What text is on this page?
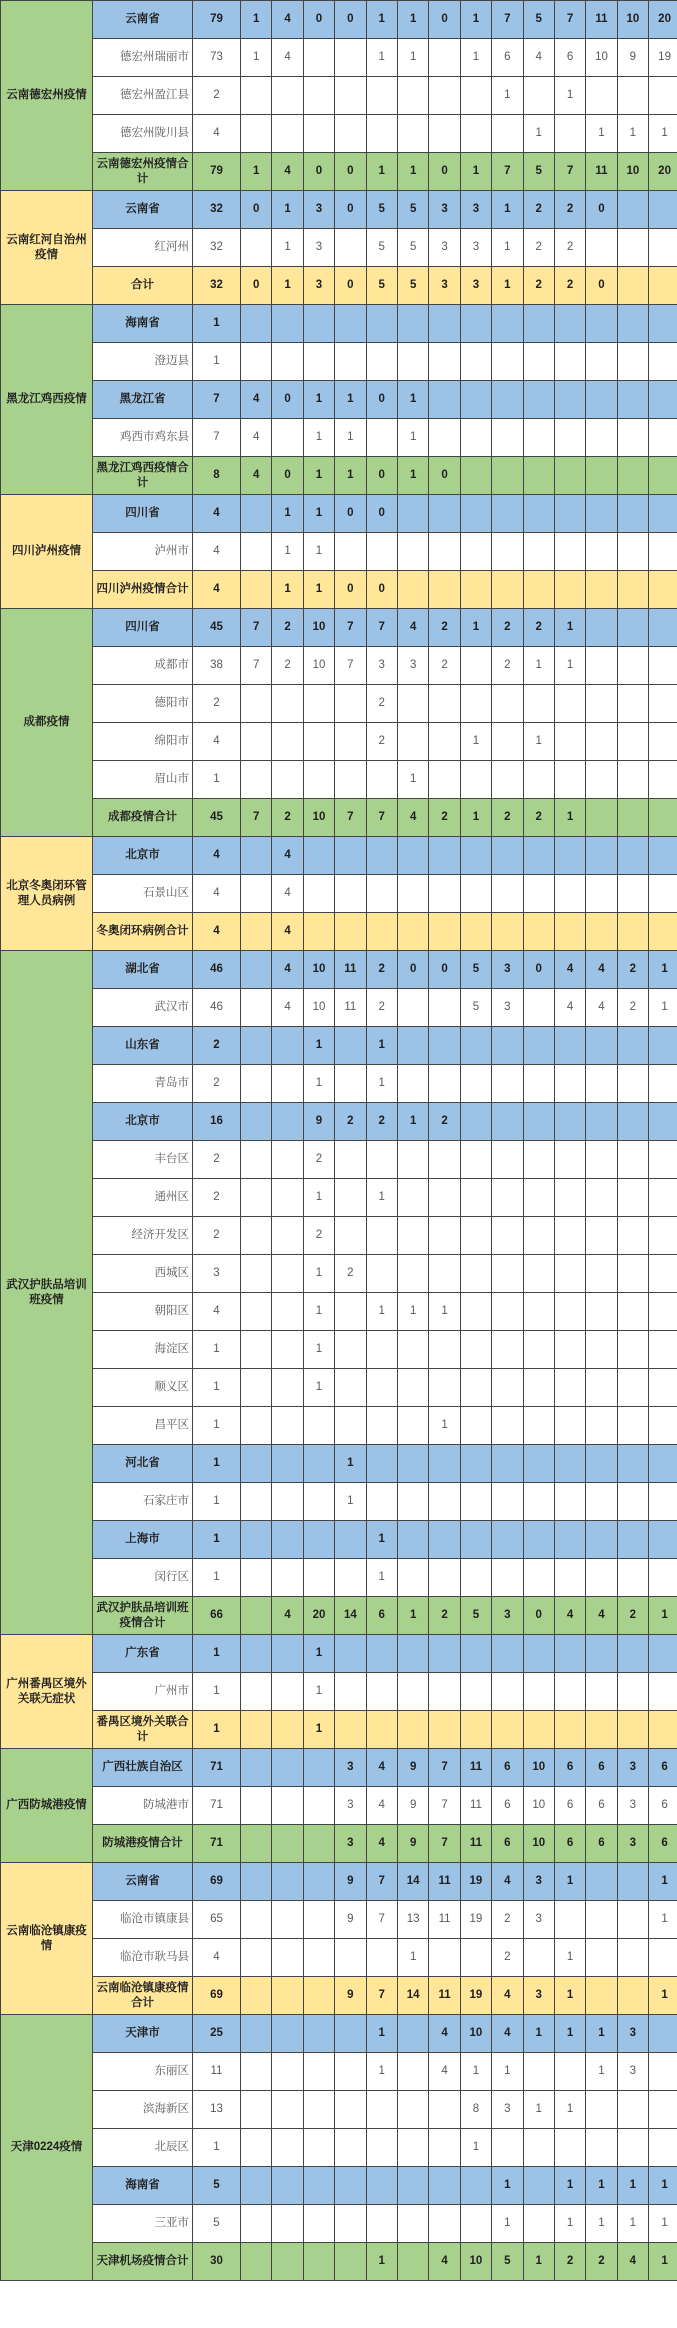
云南德宏州疫情	云南省	79	1	4	0	0	1	1	0	1	7	5	7	11	10	20
	德宏州瑞丽市	73	1	4			1	1		1	6	4	6	10	9	19
	德宏州盈江县	2									1		1			
	德宏州陇川县	4										1		1	1	1
	云南德宏州疫情合计	79	1	4	0	0	1	1	0	1	7	5	7	11	10	20
云南红河自治州疫情	云南省	32	0	1	3	0	5	5	3	3	1	2	2	0		
	红河州	32		1	3		5	5	3	3	1	2	2			
	合计	32	0	1	3	0	5	5	3	3	1	2	2	0		
黑龙江鸡西疫情	海南省	1														
	澄迈县	1														
	黑龙江省	7	4	0	1	1	0	1								
	鸡西市鸡东县	7	4		1	1		1								
	黑龙江鸡西疫情合计	8	4	0	1	1	0	1	0							
四川泸州疫情	四川省	4		1	1	0	0									
	泸州市	4		1	1											
	四川泸州疫情合计	4		1	1	0	0									
成都疫情	四川省	45	7	2	10	7	7	4	2	1	2	2	1			
	成都市	38	7	2	10	7	3	3	2		2	1	1			
	德阳市	2					2									
	绵阳市	4					2			1		1				
	眉山市	1						1								
	成都疫情合计	45	7	2	10	7	7	4	2	1	2	2	1			
北京冬奥闭环管理人员病例	北京市	4		4												
	石景山区	4		4												
	冬奥闭环病例合计	4		4												
武汉护肤品培训班疫情	湖北省	46		4	10	11	2	0	0	5	3	0	4	4	2	1
	武汉市	46		4	10	11	2			5	3		4	4	2	1
	山东省	2			1		1									
	青岛市	2			1		1									
	北京市	16			9	2	2	1	2							
	丰台区	2			2											
	通州区	2			1		1									
	经济开发区	2			2											
	西城区	3			1	2										
	朝阳区	4			1		1	1	1							
	海淀区	1			1											
	顺义区	1			1											
	昌平区	1							1							
	河北省	1				1										
	石家庄市	1				1										
	上海市	1					1									
	闵行区	1					1									
	武汉护肤品培训班疫情合计	66		4	20	14	6	1	2	5	3	0	4	4	2	1
广州番禺区境外关联无症状	广东省	1			1											
	广州市	1			1											
	番禺区境外关联合计	1			1											
广西防城港疫情	广西壮族自治区	71				3	4	9	7	11	6	10	6	6	3	6
	防城港市	71				3	4	9	7	11	6	10	6	6	3	6
	防城港疫情合计	71				3	4	9	7	11	6	10	6	6	3	6
云南临沧镇康疫情	云南省	69				9	7	14	11	19	4	3	1			1
	临沧市镇康县	65				9	7	13	11	19	2	3				1
	临沧市耿马县	4						1			2		1			
	云南临沧镇康疫情合计	69				9	7	14	11	19	4	3	1			1
天津0224疫情	天津市	25					1		4	10	4	1	1	1	3	
	东丽区	11					1		4	1	1			1	3	
	滨海新区	13								8	3	1	1			
	北辰区	1								1						
	海南省	5									1		1	1	1	1
	三亚市	5									1		1	1	1	1
	天津机场疫情合计	30					1		4	10	5	1	2	2	4	1
